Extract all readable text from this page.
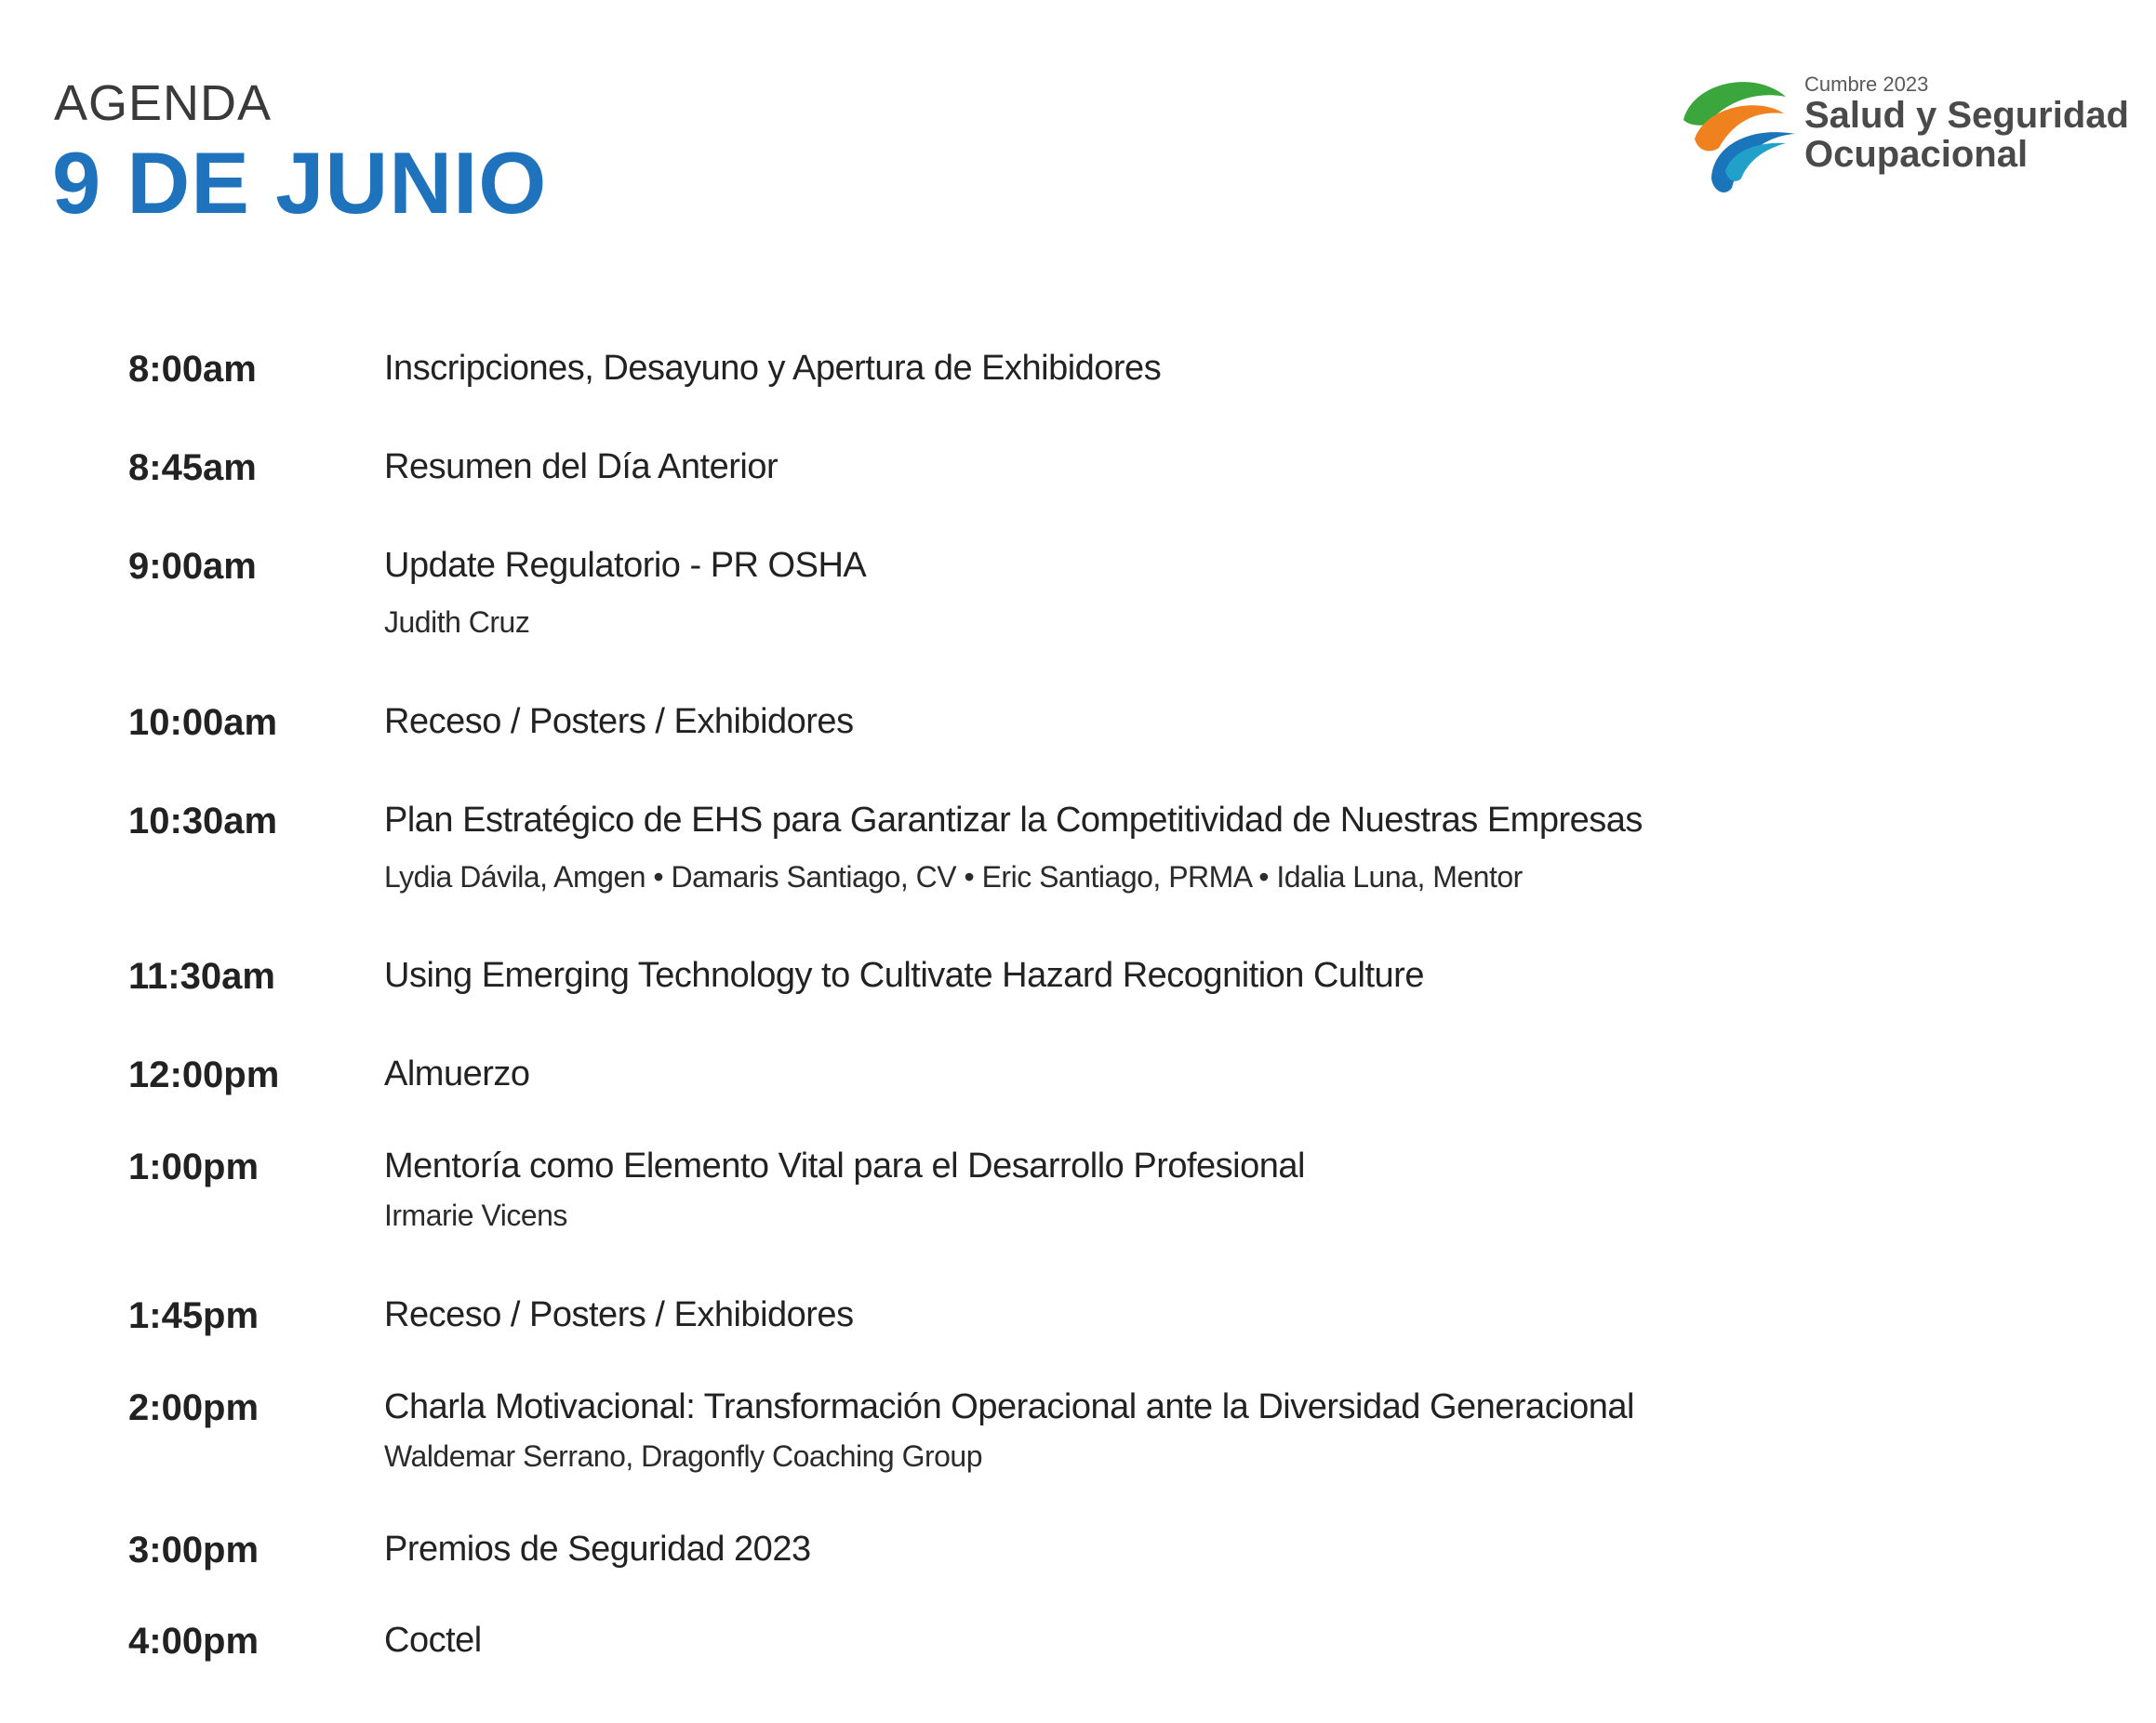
AGENDA
9 DE JUNIO
Cumbre 2023
Salud y Seguridad
Ocupacional
8:00am	Inscripciones, Desayuno y Apertura de Exhibidores
8:45am	Resumen del Día Anterior
9:00am	Update Regulatorio - PR OSHA
Judith Cruz
10:00am	Receso / Posters / Exhibidores
10:30am	Plan Estratégico de EHS para Garantizar la Competitividad de Nuestras Empresas
Lydia Dávila, Amgen • Damaris Santiago, CV • Eric Santiago, PRMA • Idalia Luna, Mentor
11:30am	Using Emerging Technology to Cultivate Hazard Recognition Culture
12:00pm	Almuerzo
1:00pm	Mentoría como Elemento Vital para el Desarrollo Profesional
Irmarie Vicens
1:45pm	Receso / Posters / Exhibidores
2:00pm	Charla Motivacional: Transformación Operacional ante la Diversidad Generacional
Waldemar Serrano, Dragonfly Coaching Group
3:00pm	Premios de Seguridad 2023
4:00pm	Coctel
